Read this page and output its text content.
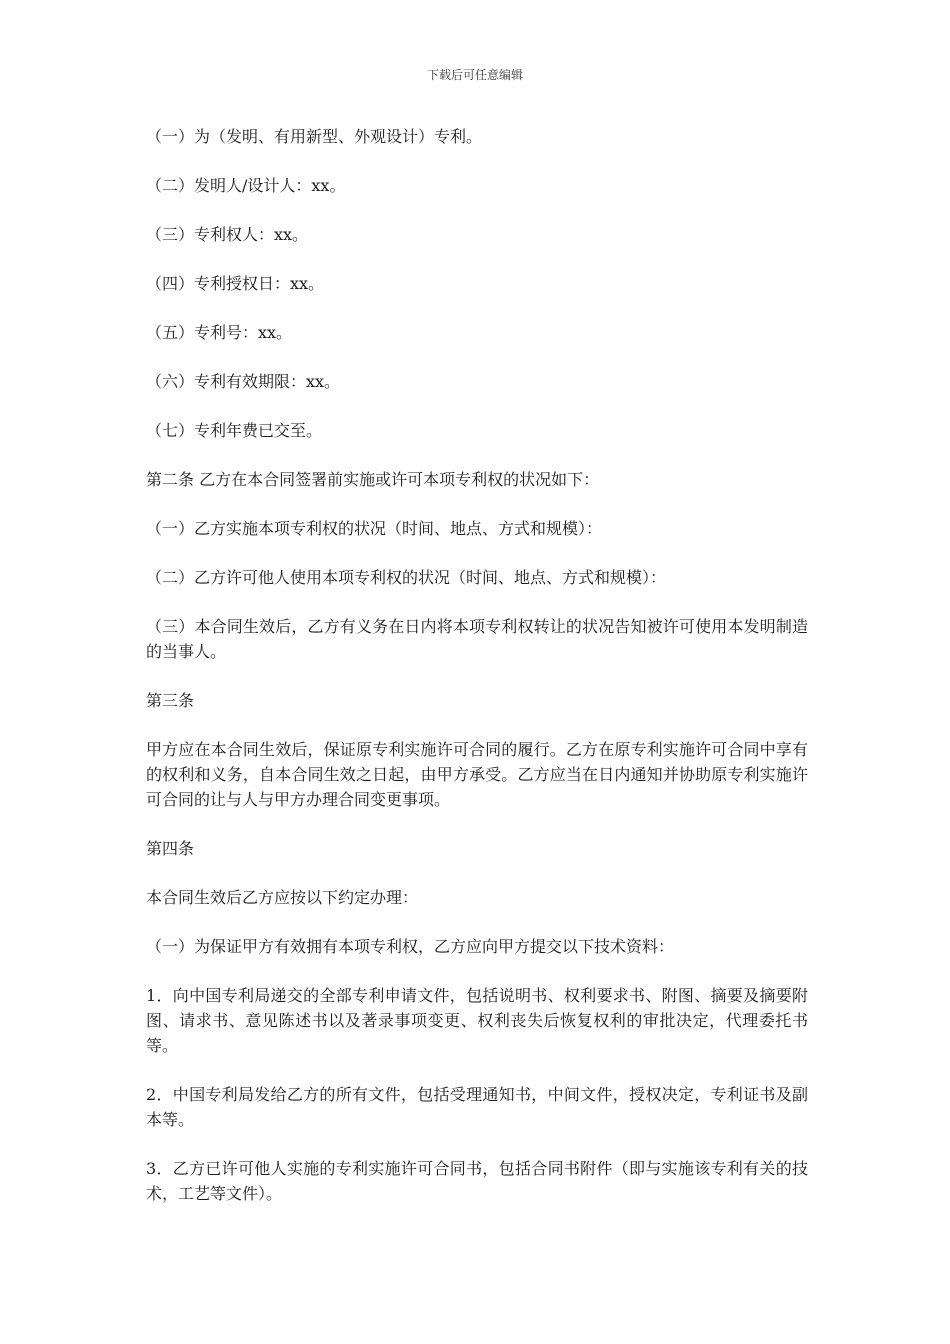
下载后可任意编辑

（一）为（发明、有用新型、外观设计）专利。

（二）发明人/设计人：xx。

（三）专利权人：xx。

（四）专利授权日：xx。

（五）专利号：xx。

（六）专利有效期限：xx。

（七）专利年费已交至。

第二条 乙方在本合同签署前实施或许可本项专利权的状况如下：

（一）乙方实施本项专利权的状况（时间、地点、方式和规模）：

（二）乙方许可他人使用本项专利权的状况（时间、地点、方式和规模）：

（三）本合同生效后，乙方有义务在日内将本项专利权转让的状况告知被许可使用本发明制造的当事人。

第三条

甲方应在本合同生效后，保证原专利实施许可合同的履行。乙方在原专利实施许可合同中享有的权利和义务，自本合同生效之日起，由甲方承受。乙方应当在日内通知并协助原专利实施许可合同的让与人与甲方办理合同变更事项。

第四条

本合同生效后乙方应按以下约定办理：

（一）为保证甲方有效拥有本项专利权，乙方应向甲方提交以下技术资料：

1．向中国专利局递交的全部专利申请文件，包括说明书、权利要求书、附图、摘要及摘要附图、请求书、意见陈述书以及著录事项变更、权利丧失后恢复权利的审批决定，代理委托书等。

2．中国专利局发给乙方的所有文件，包括受理通知书，中间文件，授权决定，专利证书及副本等。

3．乙方已许可他人实施的专利实施许可合同书，包括合同书附件（即与实施该专利有关的技术，工艺等文件）。
